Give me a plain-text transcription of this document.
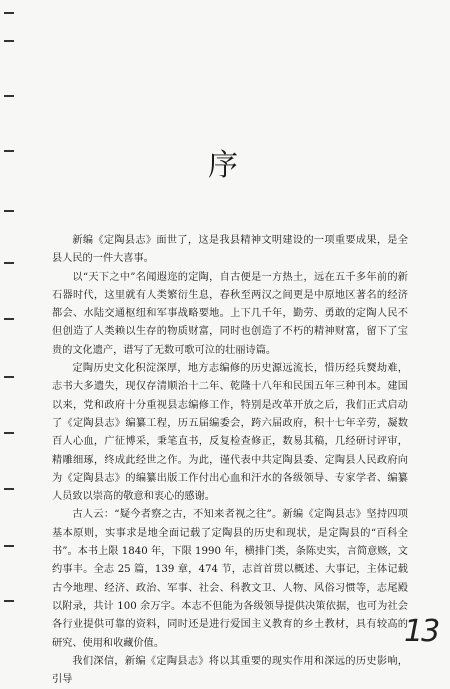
序

新编《定陶县志》面世了，这是我县精神文明建设的一项重要成果，是全县人民的一件大喜事。

以“天下之中”名闻遐迩的定陶，自古便是一方热土，远在五千多年前的新石器时代，这里就有人类繁衍生息，春秋至两汉之间更是中原地区著名的经济都会、水陆交通枢纽和军事战略要地。上下几千年，勤劳、勇敢的定陶人民不但创造了人类赖以生存的物质财富，同时也创造了不朽的精神财富，留下了宝贵的文化遗产，谱写了无数可歌可泣的壮丽诗篇。

定陶历史文化积淀深厚，地方志编修的历史源远流长，惜历经兵燹劫难，志书大多遗失，现仅存清顺治十二年、乾隆十八年和民国五年三种刊本。建国以来，党和政府十分重视县志编修工作，特别是改革开放之后，我们正式启动了《定陶县志》编纂工程，历五届编委会，跨六届政府，积十七年辛劳，凝数百人心血，广征博采，秉笔直书，反复检查修正，数易其稿，几经研讨评审，精雕细琢，终成此经世之作。为此，谨代表中共定陶县委、定陶县人民政府向为《定陶县志》的编纂出版工作付出心血和汗水的各级领导、专家学者、编纂人员致以崇高的敬意和衷心的感谢。

古人云：“疑今者察之古，不知来者视之往”。新编《定陶县志》坚持四项基本原则，实事求是地全面记载了定陶县的历史和现状，是定陶县的“百科全书”。本书上限 1840 年，下限 1990 年，横排门类，条陈史实，言简意赅，文约事丰。全志 25 篇，139 章，474 节，志首首贯以概述、大事记，主体记载古今地理、经济、政治、军事、社会、科教文卫、人物、风俗习惯等，志尾殿以附录，共计 100 余万字。本志不但能为各级领导提供决策依据，也可为社会各行业提供可靠的资料，同时还是进行爱国主义教育的乡土教材，具有较高的研究、使用和收藏价值。

我们深信，新编《定陶县志》将以其重要的现实作用和深远的历史影响，引导

13
